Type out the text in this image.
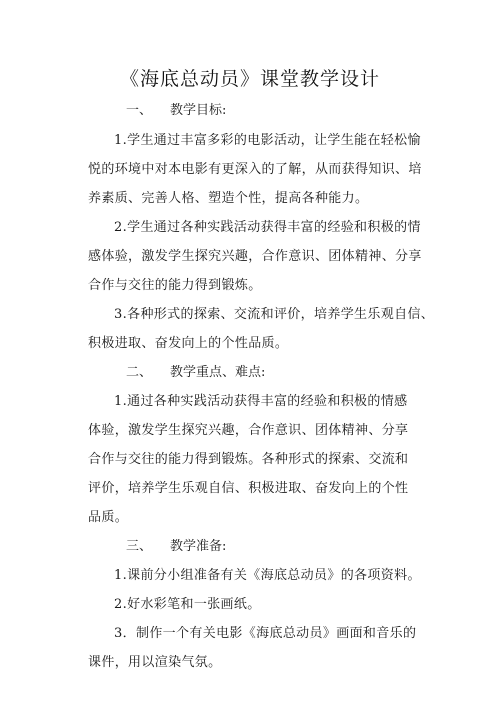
《海底总动员》课堂教学设计
一、 教学目标:
1.学生通过丰富多彩的电影活动，让学生能在轻松愉
悦的环境中对本电影有更深入的了解，从而获得知识、培
养素质、完善人格、塑造个性，提高各种能力。
2.学生通过各种实践活动获得丰富的经验和积极的情
感体验，激发学生探究兴趣，合作意识、团体精神、分享
合作与交往的能力得到锻炼。
3.各种形式的探索、交流和评价，培养学生乐观自信、
积极进取、奋发向上的个性品质。
二、 教学重点、难点:
1.通过各种实践活动获得丰富的经验和积极的情感
体验，激发学生探究兴趣，合作意识、团体精神、分享
合作与交往的能力得到锻炼。各种形式的探索、交流和
评价，培养学生乐观自信、积极进取、奋发向上的个性
品质。
三、 教学准备:
1.课前分小组准备有关《海底总动员》的各项资料。
2.好水彩笔和一张画纸。
3．制作一个有关电影《海底总动员》画面和音乐的
课件，用以渲染气氛。
